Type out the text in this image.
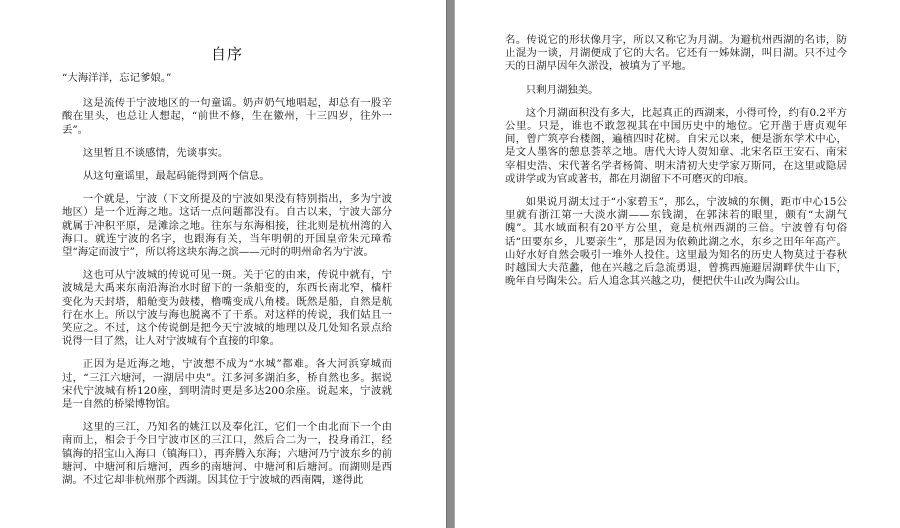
自序

“大海洋洋，忘记爹娘。”

这是流传于宁波地区的一句童谣。奶声奶气地唱起，却总有一股辛酸在里头，也总让人想起，“前世不修，生在徽州，十三四岁，往外一丢”。

这里暂且不谈感情，先谈事实。

从这句童谣里，最起码能得到两个信息。

一个就是，宁波（下文所提及的宁波如果没有特别指出，多为宁波地区）是一个近海之地。这话一点问题都没有。自古以来，宁波大部分就属于冲积平原，是滩涂之地。往东与东海相接，往北则是杭州湾的入海口。就连宁波的名字，也跟海有关，当年明朝的开国皇帝朱元璋希望“海定而波宁”，所以将这块东海之滨——元时的明州命名为宁波。

这也可从宁波城的传说可见一斑。关于它的由来，传说中就有，宁波城是大禹来东南沿海治水时留下的一条船变的，东西长南北窄，樯杆变化为天封塔，船舱变为鼓楼，橹嘴变成八角楼。既然是船，自然是航行在水上。所以宁波与海也脱离不了干系。对这样的传说，我们姑且一笑应之。不过，这个传说倒是把今天宁波城的地理以及几处知名景点给说得一目了然，让人对宁波城有个直接的印象。

正因为是近海之地，宁波想不成为“水城”都难。各大河浜穿城而过，“三江六塘河，一湖居中央”。江多河多湖泊多，桥自然也多。据说宋代宁波城有桥120座，到明清时更是多达200余座。说起来，宁波就是一自然的桥梁博物馆。

这里的三江，乃知名的姚江以及奉化江，它们一个由北而下一个由南而上，相会于今日宁波市区的三江口，然后合二为一，投身甬江，经镇海的招宝山入海口（镇海口），再奔腾入东海；六塘河乃宁波东乡的前塘河、中塘河和后塘河，西乡的南塘河、中塘河和后塘河。而湖则是西湖。不过它却非杭州那个西湖。因其位于宁波城的西南隅，遂得此

名。传说它的形状像月字，所以又称它为月湖。为避杭州西湖的名讳，防止混为一谈，月湖便成了它的大名。它还有一姊妹湖，叫日湖。只不过今天的日湖早因年久淤没，被填为了平地。

只剩月湖独美。

这个月湖面积没有多大，比起真正的西湖来，小得可怜，约有0.2平方公里。只是，谁也不敢忽视其在中国历史中的地位。它开凿于唐贞观年间，曾广筑亭台楼阁，遍植四时花树。自宋元以来，便是浙东学术中心，是文人墨客的憩息荟萃之地。唐代大诗人贺知章、北宋名臣王安石、南宋宰相史浩、宋代著名学者杨简、明末清初大史学家万斯同，在这里或隐居或讲学或为官或著书，都在月湖留下不可磨灭的印痕。

如果说月湖太过于“小家碧玉”，那么，宁波城的东侧，距市中心15公里就有浙江第一大淡水湖——东钱湖，在郭沫若的眼里，颇有“太湖气魄”。其水域面积有20平方公里，竟是杭州西湖的三倍。宁波曾有句俗话“田要东乡，儿要亲生”，那是因为依赖此湖之水，东乡之田年年高产。山好水好自然会吸引一堆外人投住。这里最为知名的历史人物莫过于春秋时越国大夫范蠡，他在兴越之后急流勇退，曾携西施避居湖畔伏牛山下，晚年自号陶朱公。后人追念其兴越之功，便把伏牛山改为陶公山。
